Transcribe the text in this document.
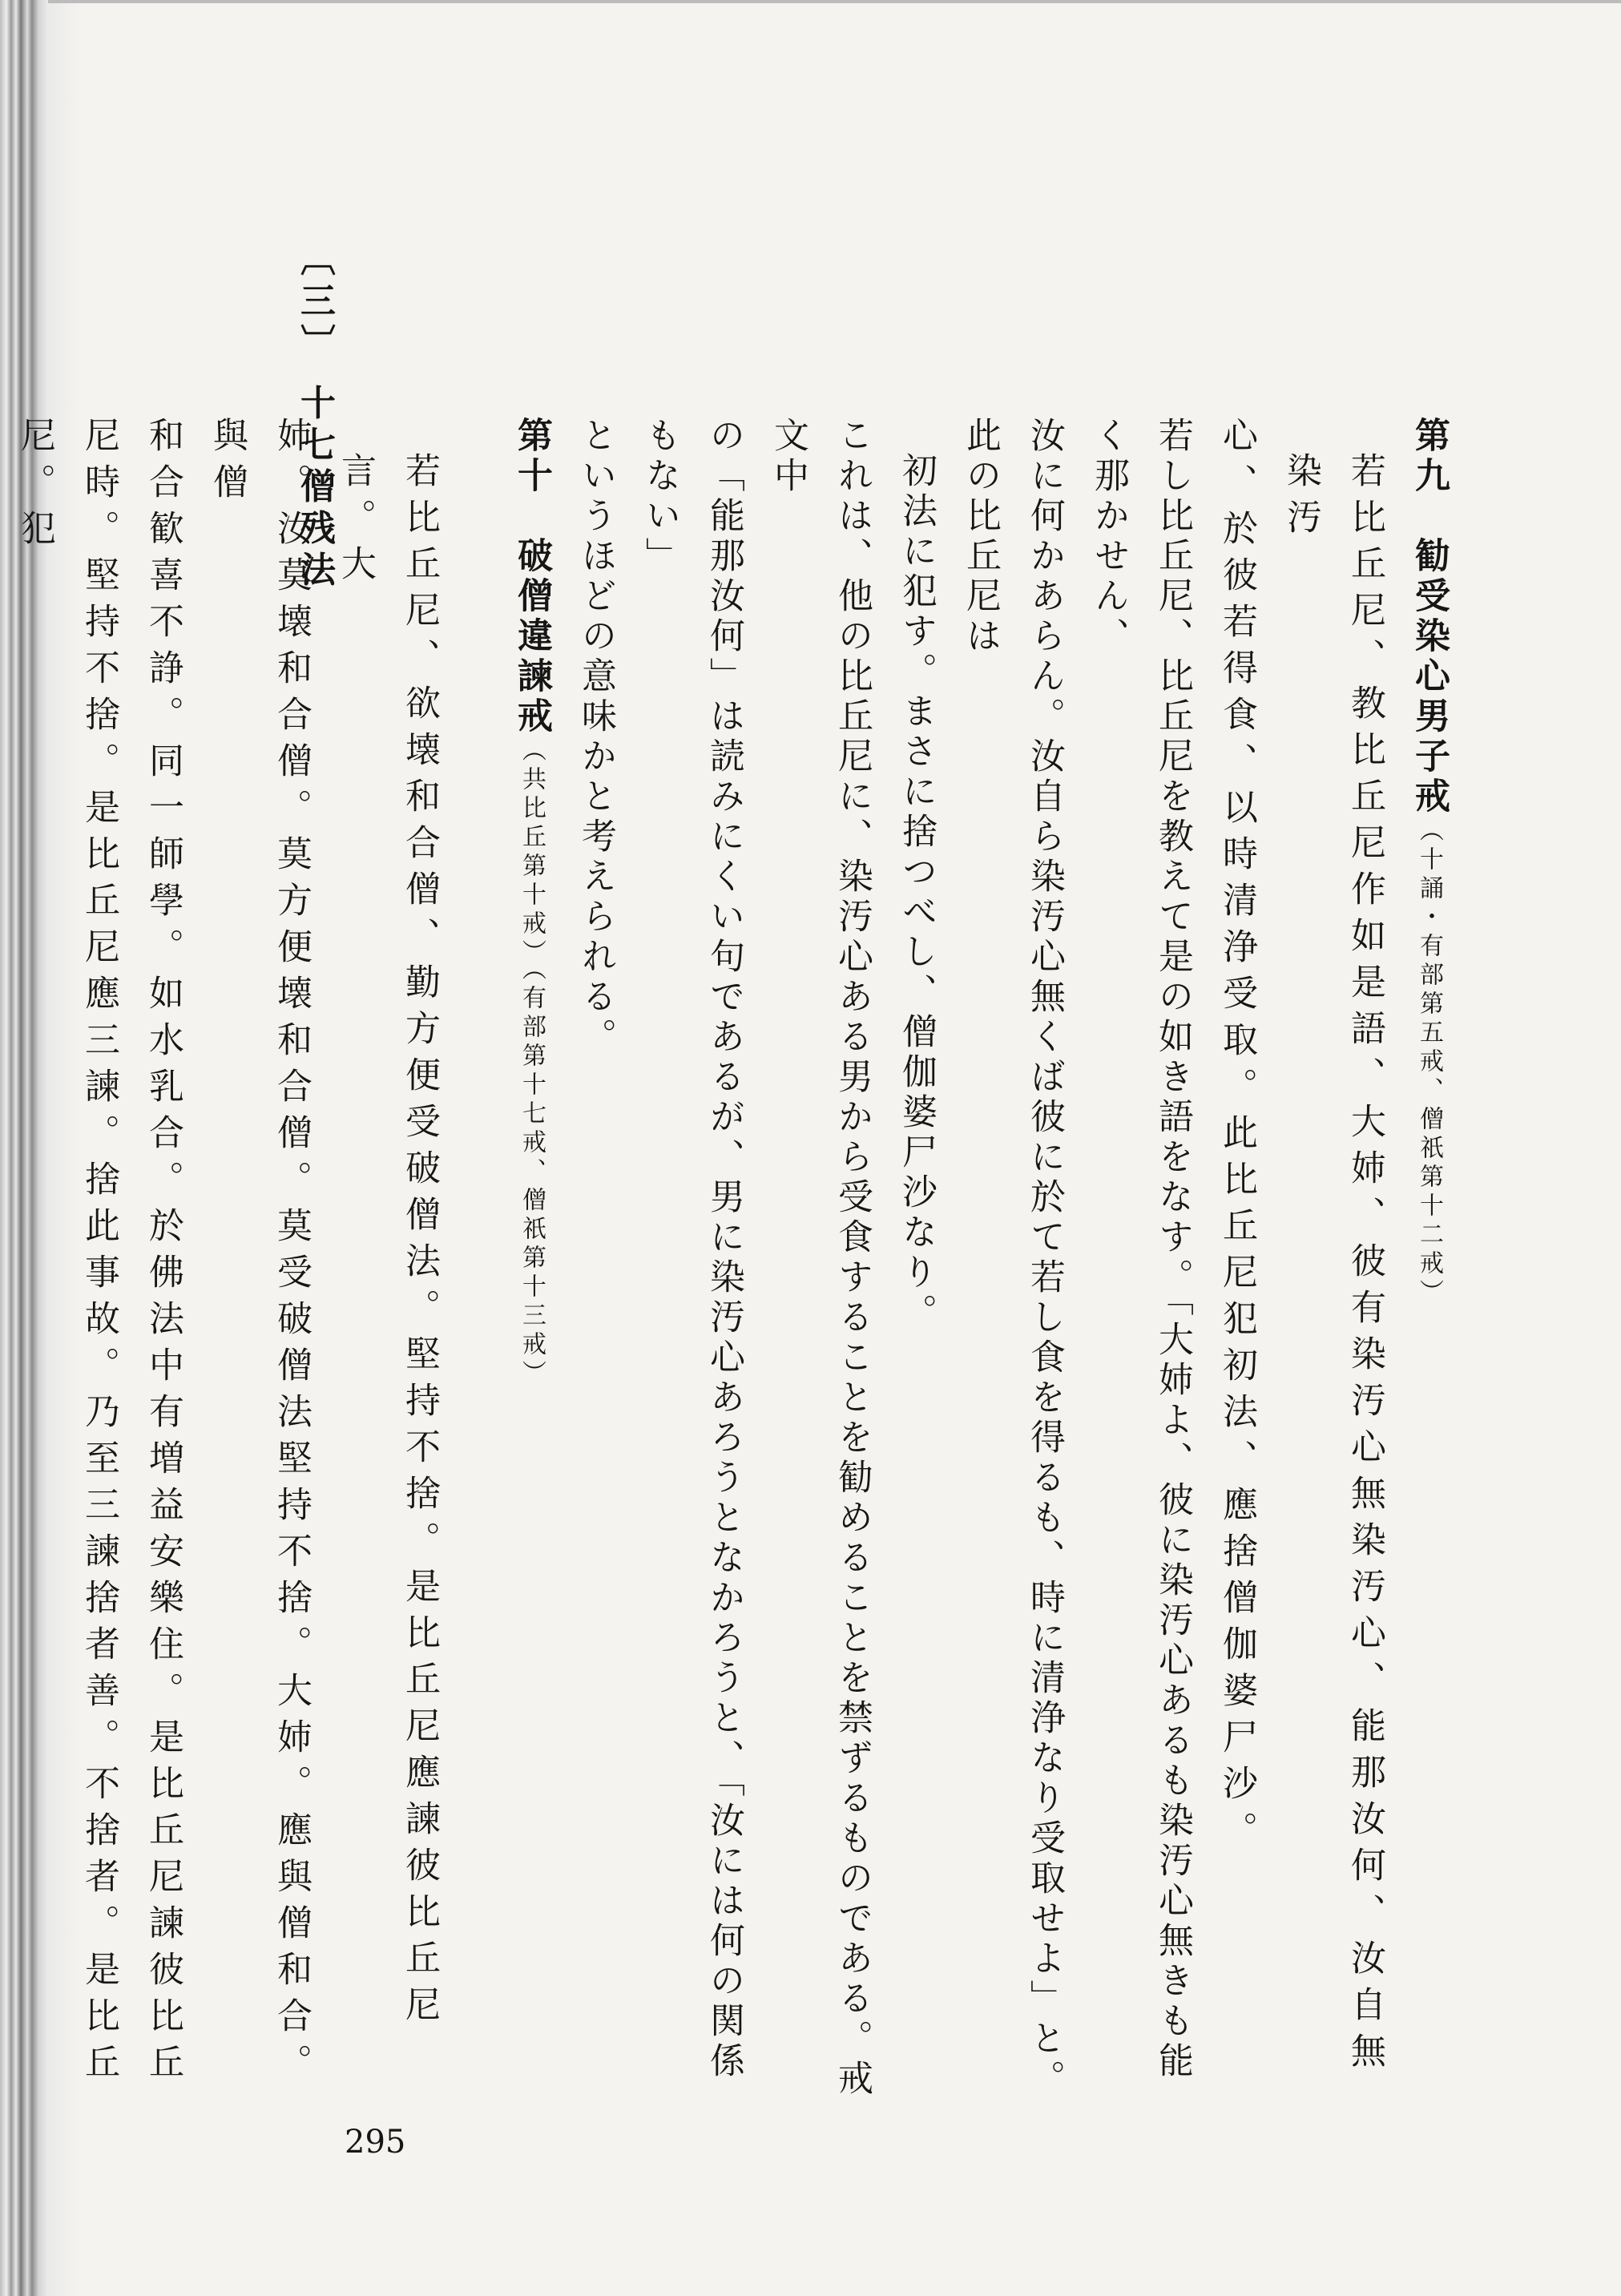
〔三〕 十七僧残法

第九　勧受染心男子戒（十誦・有部第五戒、僧祇第十二戒）

若比丘尼、教比丘尼作如是語、大姉、彼有染汚心無染汚心、能那汝何、汝自無染汚

心、於彼若得食、以時清浄受取。此比丘尼犯初法、應捨僧伽婆尸沙。

若し比丘尼、比丘尼を教えて是の如き語をなす。「大姉よ、彼に染汚心あるも染汚心無きも能く那かせん、

汝に何かあらん。汝自ら染汚心無くば彼に於て若し食を得るも、時に清浄なり受取せよ」と。此の比丘尼は

初法に犯す。まさに捨つべし、僧伽婆尸沙なり。

これは、他の比丘尼に、染汚心ある男から受食することを勧めることを禁ずるものである。戒文中

の「能那汝何」は読みにくい句であるが、男に染汚心あろうとなかろうと、「汝には何の関係もない」

というほどの意味かと考えられる。

第十　破僧違諫戒（共比丘第十戒）（有部第十七戒、僧祇第十三戒）

若比丘尼、欲壊和合僧、勤方便受破僧法。堅持不捨。是比丘尼應諫彼比丘尼言。大

姉。汝莫壊和合僧。莫方便壊和合僧。莫受破僧法堅持不捨。大姉。應與僧和合。與僧

和合歓喜不諍。同一師學。如水乳合。於佛法中有増益安樂住。是比丘尼諫彼比丘

尼時。堅持不捨。是比丘尼應三諫。捨此事故。乃至三諫捨者善。不捨者。是比丘尼。犯

295
